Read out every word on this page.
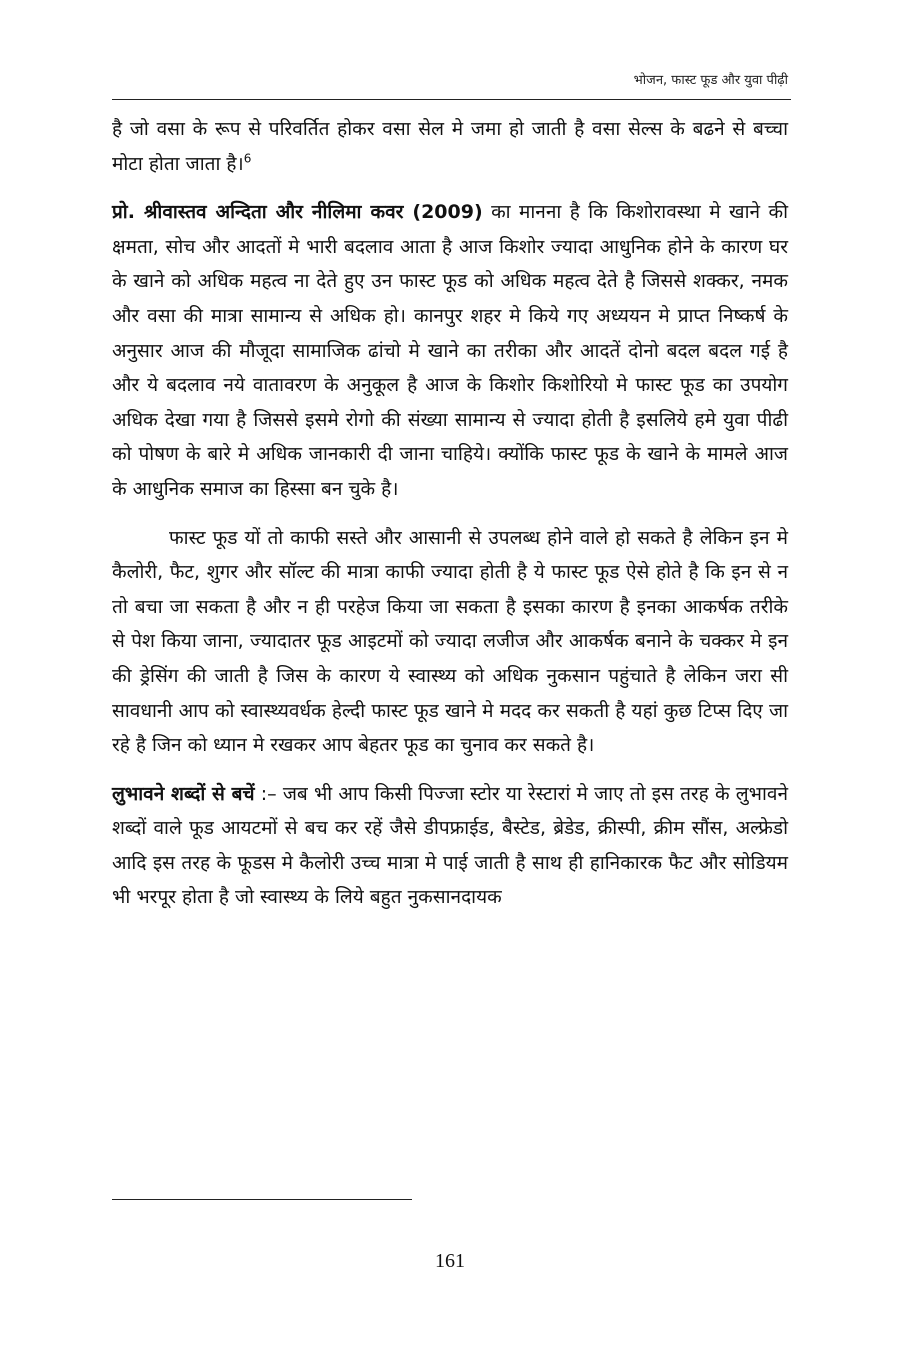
भोजन, फास्ट फूड और युवा पीढ़ी

है जो वसा के रूप से परिवर्तित होकर वसा सेल मे जमा हो जाती है वसा सेल्स के बढने से बच्चा मोटा होता जाता है।$^6$

प्रो. श्रीवास्तव अन्दिता और नीलिमा कवर (2009) का मानना है कि किशोरावस्था मे खाने की क्षमता, सोच और आदतों मे भारी बदलाव आता है आज किशोर ज्यादा आधुनिक होने के कारण घर के खाने को अधिक महत्व ना देते हुए उन फास्ट फूड को अधिक महत्व देते है जिससे शक्कर, नमक और वसा की मात्रा सामान्य से अधिक हो। कानपुर शहर मे किये गए अध्ययन मे प्राप्त निष्कर्ष के अनुसार आज की मौजूदा सामाजिक ढांचो मे खाने का तरीका और आदतें दोनो बदल बदल गई है और ये बदलाव नये वातावरण के अनुकूल है आज के किशोर किशोरियो मे फास्ट फूड का उपयोग अधिक देखा गया है जिससे इसमे रोगो की संख्या सामान्य से ज्यादा होती है इसलिये हमे युवा पीढी को पोषण के बारे मे अधिक जानकारी दी जाना चाहिये। क्योंकि फास्ट फूड के खाने के मामले आज के आधुनिक समाज का हिस्सा बन चुके है।

फास्ट फूड यों तो काफी सस्ते और आसानी से उपलब्ध होने वाले हो सकते है लेकिन इन मे कैलोरी, फैट, शुगर और सॉल्ट की मात्रा काफी ज्यादा होती है ये फास्ट फूड ऐसे होते है कि इन से न तो बचा जा सकता है और न ही परहेज किया जा सकता है इसका कारण है इनका आकर्षक तरीके से पेश किया जाना, ज्यादातर फूड आइटमों को ज्यादा लजीज और आकर्षक बनाने के चक्कर मे इन की ड्रेसिंग की जाती है जिस के कारण ये स्वास्थ्य को अधिक नुकसान पहुंचाते है लेकिन जरा सी सावधानी आप को स्वास्थ्यवर्धक हेल्दी फास्ट फूड खाने मे मदद कर सकती है यहां कुछ टिप्स दिए जा रहे है जिन को ध्यान मे रखकर आप बेहतर फूड का चुनाव कर सकते है।

लुभावने शब्दों से बचें :– जब भी आप किसी पिज्जा स्टोर या रेस्टारां मे जाए तो इस तरह के लुभावने शब्दों वाले फूड आयटमों से बच कर रहें जैसे डीपफ्राईड, बैस्टेड, ब्रेडेड, क्रीस्पी, क्रीम सौंस, अल्फ्रेडो आदि इस तरह के फूडस मे कैलोरी उच्च मात्रा मे पाई जाती है साथ ही हानिकारक फैट और सोडियम भी भरपूर होता है जो स्वास्थ्य के लिये बहुत नुकसानदायक

161
